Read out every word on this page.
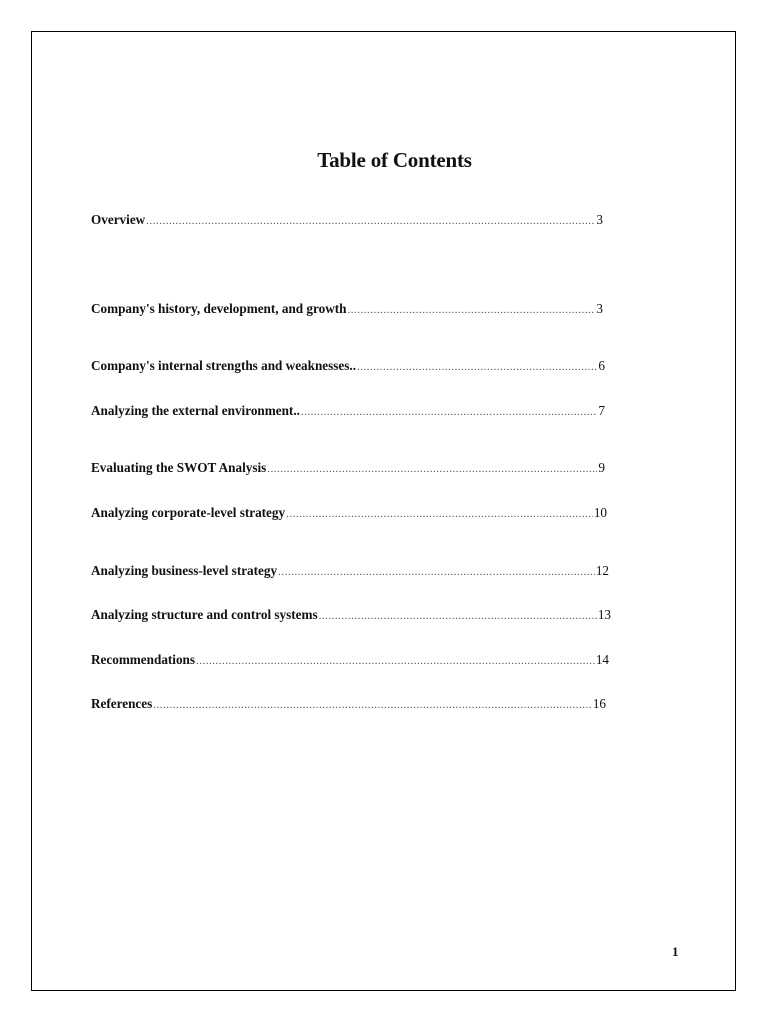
Table of Contents
Overview .....	3
Company's history, development, and growth .....	3
Company's internal strengths and weaknesses.. .....	6
Analyzing the external environment.. .....	7
Evaluating the SWOT Analysis .....	9
Analyzing corporate-level strategy .....	10
Analyzing business-level strategy .....	12
Analyzing structure and control systems .....	13
Recommendations .....	14
References .....	16
1
